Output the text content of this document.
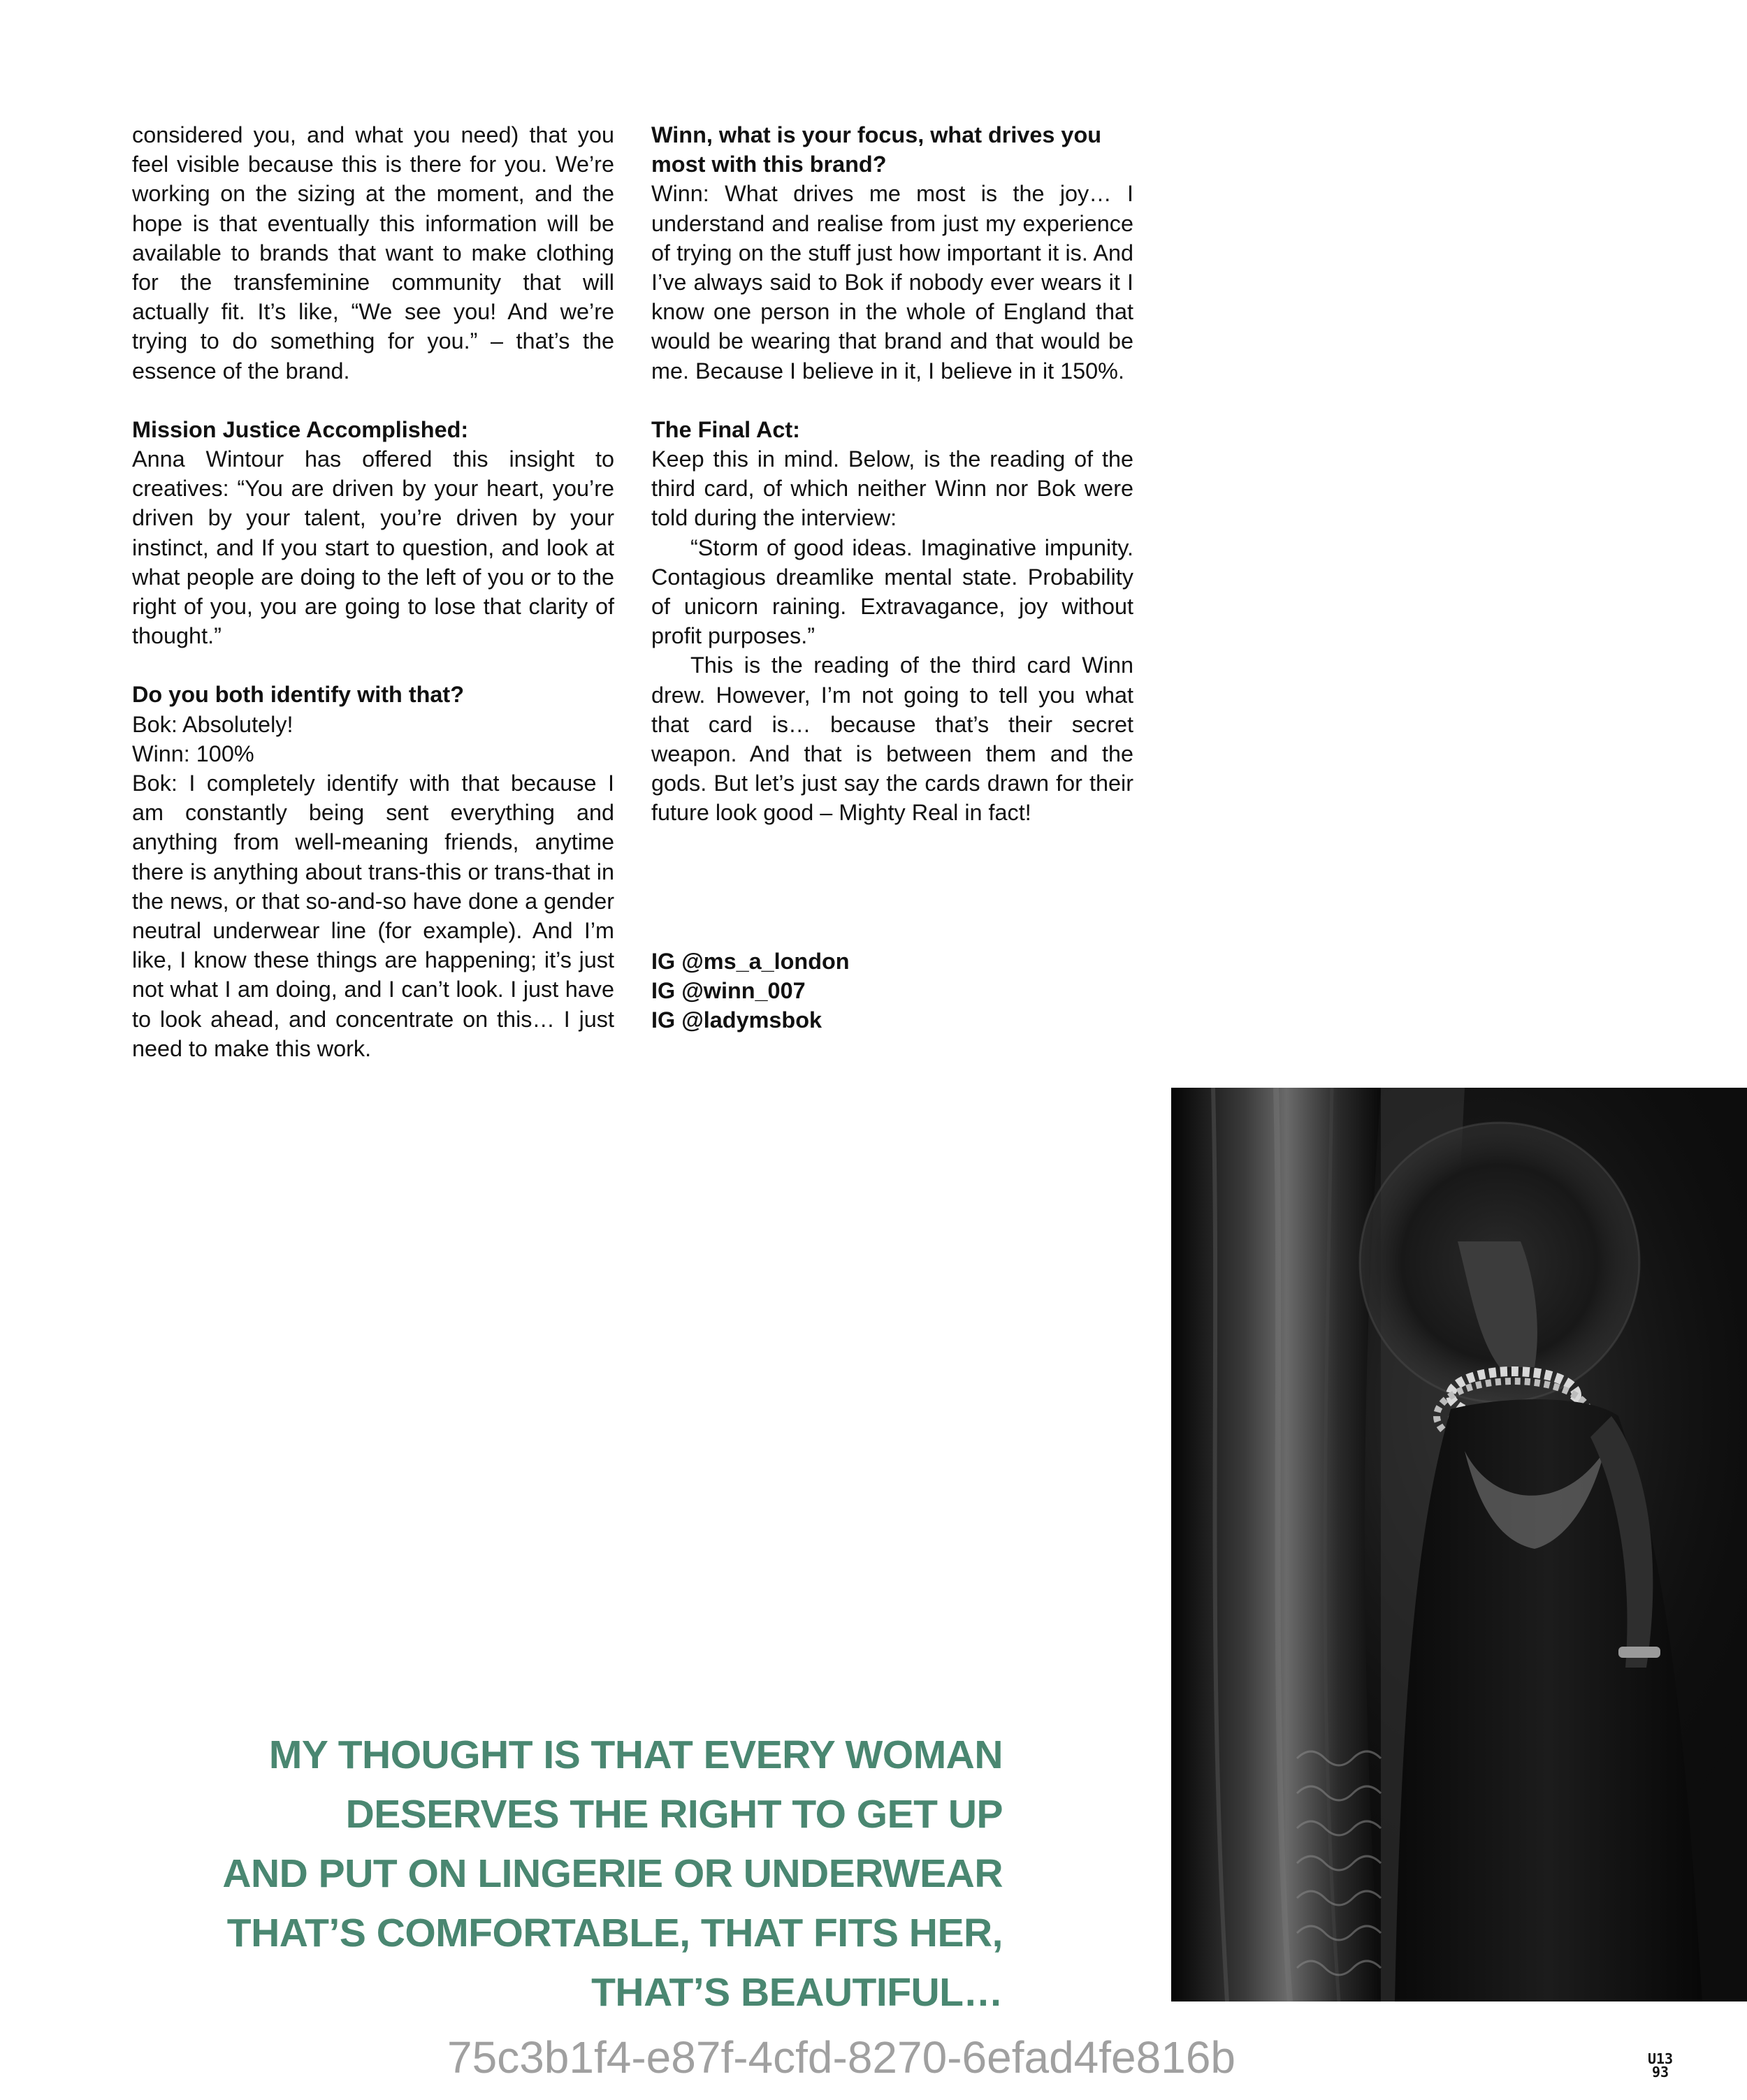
considered you, and what you need) that you feel visible because this is there for you. We’re working on the sizing at the moment, and the hope is that eventually this information will be available to brands that want to make clothing for the transfeminine community that will actually fit. It’s like, “We see you! And we’re trying to do something for you.” – that’s the essence of the brand.

Mission Justice Accomplished:

Anna Wintour has offered this insight to creatives: “You are driven by your heart, you’re driven by your talent, you’re driven by your instinct, and If you start to question, and look at what people are doing to the left of you or to the right of you, you are going to lose that clarity of thought.”

Do you both identify with that?

Bok: Absolutely!

Winn: 100%

Bok: I completely identify with that because I am constantly being sent everything and anything from well-meaning friends, anytime there is anything about trans-this or trans-that in the news, or that so-and-so have done a gender neutral underwear line (for example). And I’m like, I know these things are happening; it’s just not what I am doing, and I can’t look. I just have to look ahead, and concentrate on this… I just need to make this work.

Winn, what is your focus, what drives you most with this brand?

Winn: What drives me most is the joy… I understand and realise from just my experience of trying on the stuff just how important it is. And I’ve always said to Bok if nobody ever wears it I know one person in the whole of England that would be wearing that brand and that would be me. Because I believe in it, I believe in it 150%.

The Final Act:

Keep this in mind. Below, is the reading of the third card, of which neither Winn nor Bok were told during the interview:

“Storm of good ideas. Imaginative impunity. Contagious dreamlike mental state. Probability of unicorn raining. Extravagance, joy without profit purposes.”

This is the reading of the third card Winn drew. However, I’m not going to tell you what that card is… because that’s their secret weapon. And that is between them and the gods. But let’s just say the cards drawn for their future look good – Mighty Real in fact!

IG @ms_a_london

IG @winn_007

IG @ladymsbok

MY THOUGHT IS THAT EVERY WOMAN
DESERVES THE RIGHT TO GET UP
AND PUT ON LINGERIE OR UNDERWEAR
THAT’S COMFORTABLE, THAT FITS HER,
THAT’S BEAUTIFUL…
75c3b1f4-e87f-4cfd-8270-6efad4fe816b	U13
93
